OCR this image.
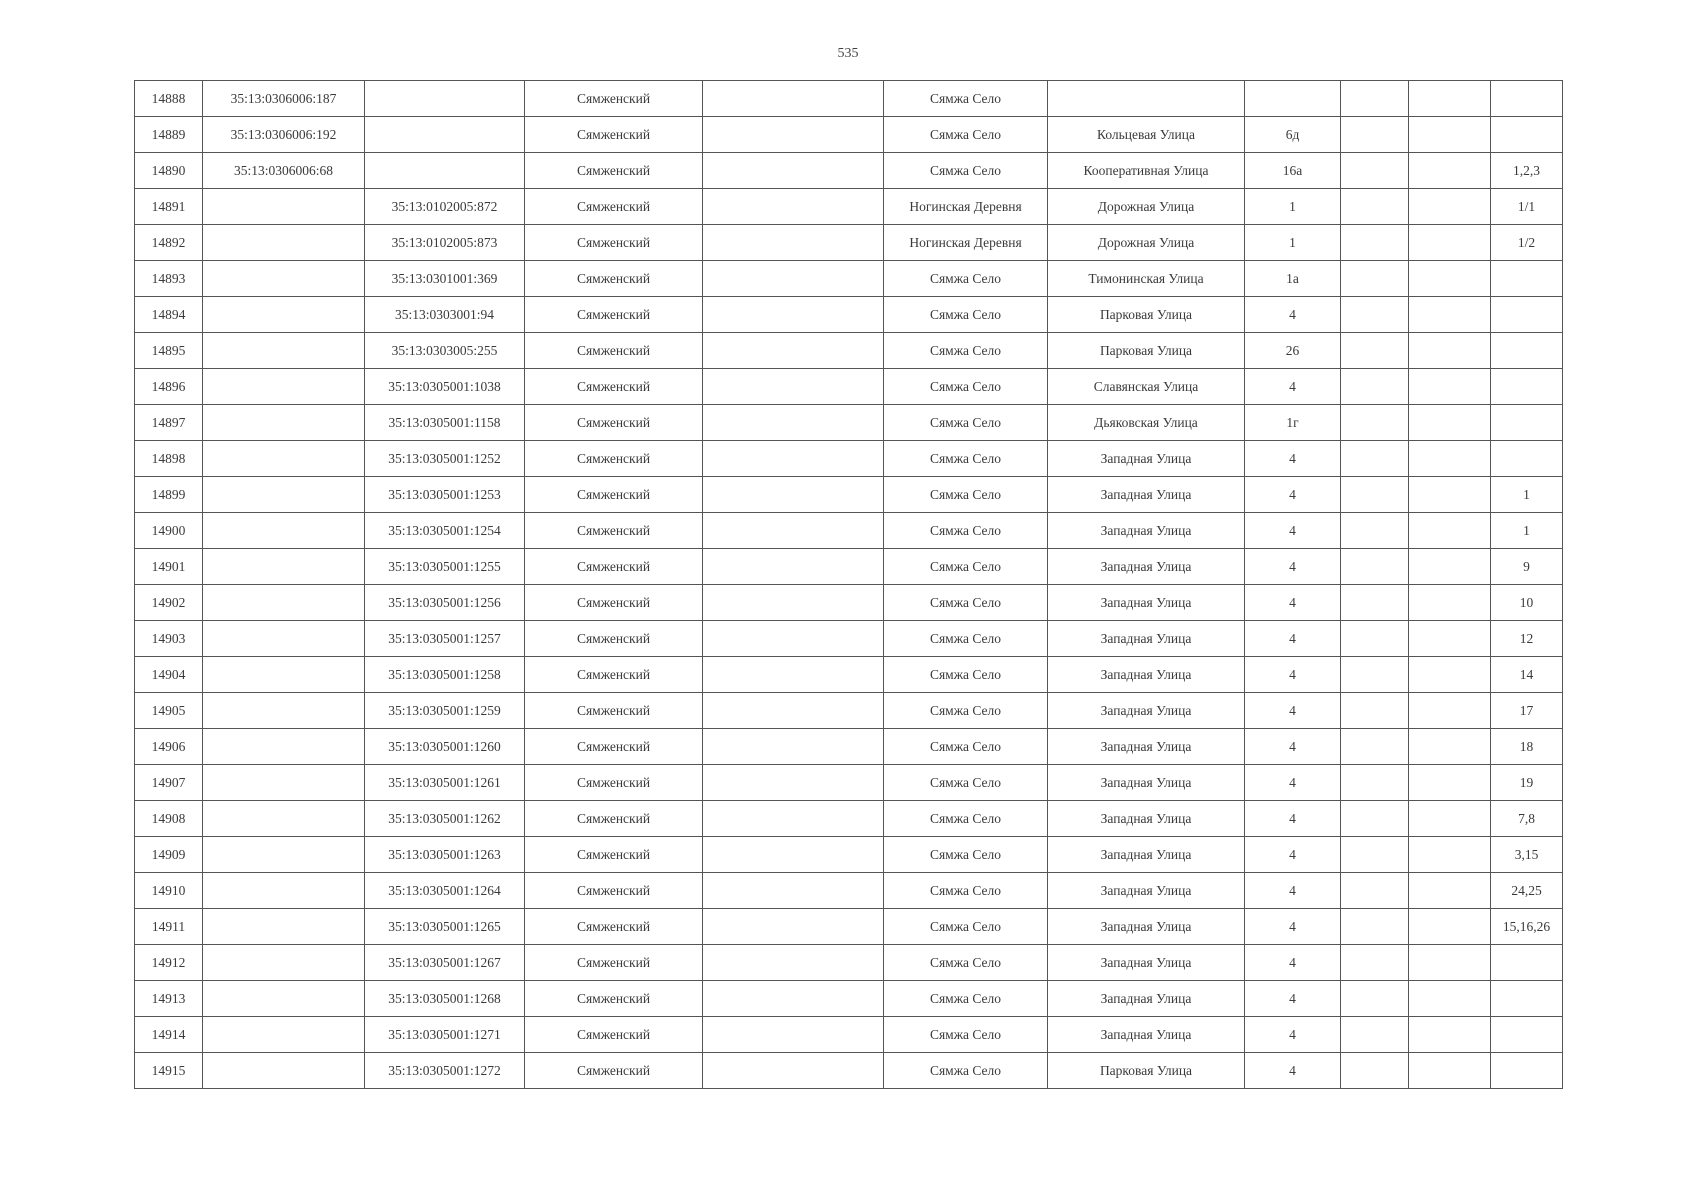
535
14888	35:13:0306006:187		Сямженский		Сямжа Село					
14889	35:13:0306006:192		Сямженский		Сямжа Село	Кольцевая Улица	6д			
14890	35:13:0306006:68		Сямженский		Сямжа Село	Кооперативная Улица	16а			1,2,3
14891		35:13:0102005:872	Сямженский		Ногинская Деревня	Дорожная Улица	1			1/1
14892		35:13:0102005:873	Сямженский		Ногинская Деревня	Дорожная Улица	1			1/2
14893		35:13:0301001:369	Сямженский		Сямжа Село	Тимонинская Улица	1а			
14894		35:13:0303001:94	Сямженский		Сямжа Село	Парковая Улица	4			
14895		35:13:0303005:255	Сямженский		Сямжа Село	Парковая Улица	26			
14896		35:13:0305001:1038	Сямженский		Сямжа Село	Славянская Улица	4			
14897		35:13:0305001:1158	Сямженский		Сямжа Село	Дьяковская Улица	1г			
14898		35:13:0305001:1252	Сямженский		Сямжа Село	Западная Улица	4			
14899		35:13:0305001:1253	Сямженский		Сямжа Село	Западная Улица	4			1
14900		35:13:0305001:1254	Сямженский		Сямжа Село	Западная Улица	4			1
14901		35:13:0305001:1255	Сямженский		Сямжа Село	Западная Улица	4			9
14902		35:13:0305001:1256	Сямженский		Сямжа Село	Западная Улица	4			10
14903		35:13:0305001:1257	Сямженский		Сямжа Село	Западная Улица	4			12
14904		35:13:0305001:1258	Сямженский		Сямжа Село	Западная Улица	4			14
14905		35:13:0305001:1259	Сямженский		Сямжа Село	Западная Улица	4			17
14906		35:13:0305001:1260	Сямженский		Сямжа Село	Западная Улица	4			18
14907		35:13:0305001:1261	Сямженский		Сямжа Село	Западная Улица	4			19
14908		35:13:0305001:1262	Сямженский		Сямжа Село	Западная Улица	4			7,8
14909		35:13:0305001:1263	Сямженский		Сямжа Село	Западная Улица	4			3,15
14910		35:13:0305001:1264	Сямженский		Сямжа Село	Западная Улица	4			24,25
14911		35:13:0305001:1265	Сямженский		Сямжа Село	Западная Улица	4			15,16,26
14912		35:13:0305001:1267	Сямженский		Сямжа Село	Западная Улица	4			
14913		35:13:0305001:1268	Сямженский		Сямжа Село	Западная Улица	4			
14914		35:13:0305001:1271	Сямженский		Сямжа Село	Западная Улица	4			
14915		35:13:0305001:1272	Сямженский		Сямжа Село	Парковая Улица	4			
